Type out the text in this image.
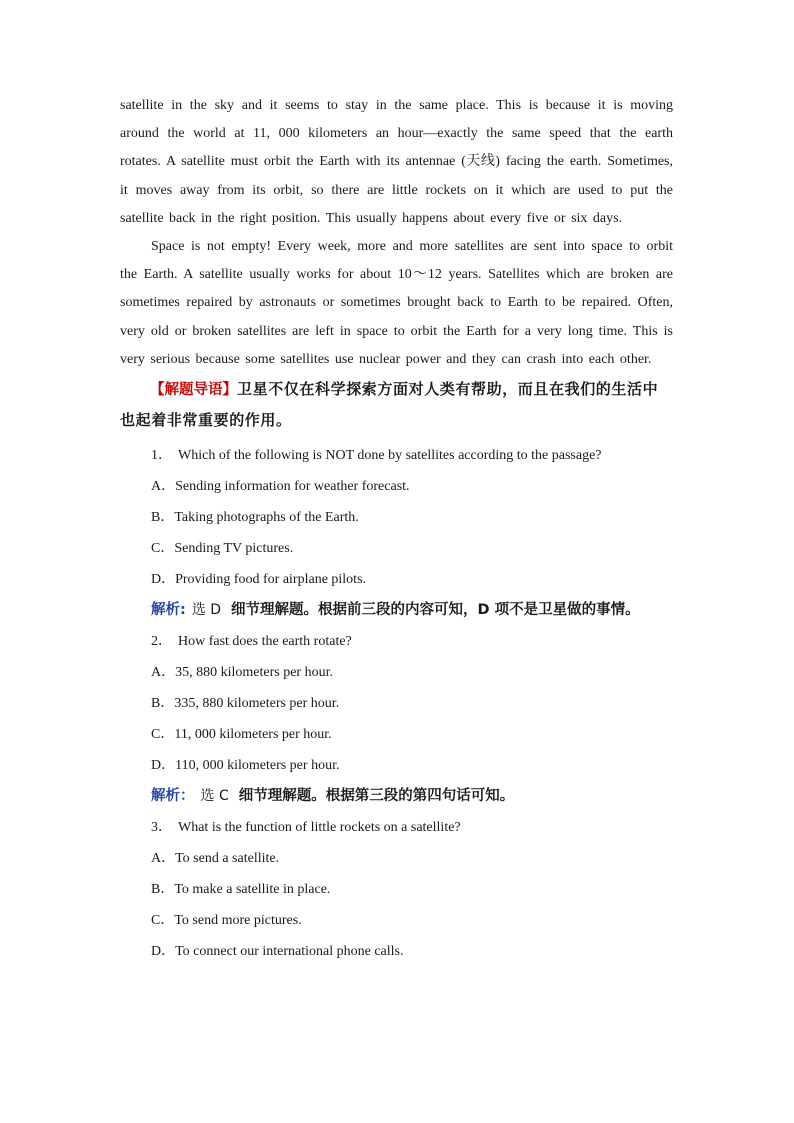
satellite in the sky and it seems to stay in the same place. This is because it is moving around the world at 11, 000 kilometers an hour—exactly the same speed that the earth rotates. A satellite must orbit the Earth with its antennae (天线) facing the earth. Sometimes, it moves away from its orbit, so there are little rockets on it which are used to put the satellite back in the right position. This usually happens about every five or six days.

Space is not empty! Every week, more and more satellites are sent into space to orbit the Earth. A satellite usually works for about 10～12 years. Satellites which are broken are sometimes repaired by astronauts or sometimes brought back to Earth to be repaired. Often, very old or broken satellites are left in space to orbit the Earth for a very long time. This is very serious because some satellites use nuclear power and they can crash into each other.

【解题导语】卫星不仅在科学探索方面对人类有帮助，而且在我们的生活中也起着非常重要的作用。

1． Which of the following is NOT done by satellites according to the passage?

A．Sending information for weather forecast.

B．Taking photographs of the Earth.

C．Sending TV pictures.

D．Providing food for airplane pilots.

解析: 选 D 细节理解题。根据前三段的内容可知，D 项不是卫星做的事情。

2． How fast does the earth rotate?

A．35, 880 kilometers per hour.

B．335, 880 kilometers per hour.

C．11, 000 kilometers per hour.

D．110, 000 kilometers per hour.

解析： 选 C 细节理解题。根据第三段的第四句话可知。

3． What is the function of little rockets on a satellite?

A．To send a satellite.

B．To make a satellite in place.

C．To send more pictures.

D．To connect our international phone calls.
